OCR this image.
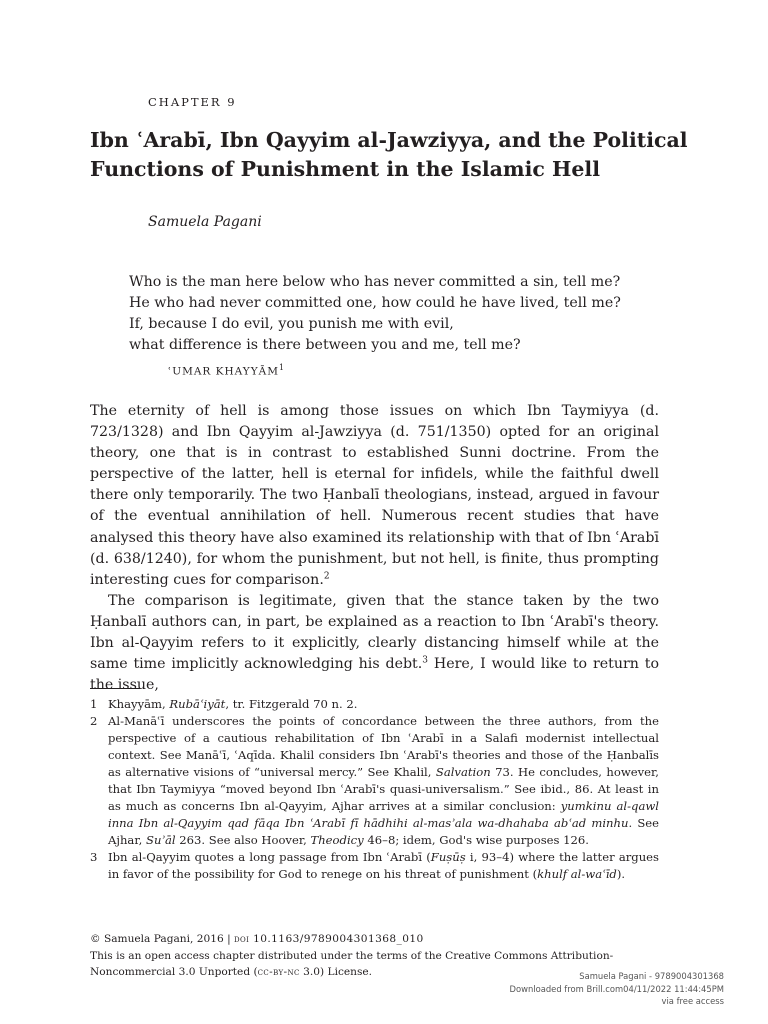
CHAPTER 9
Ibn ʿArabī, Ibn Qayyim al-Jawziyya, and the Political Functions of Punishment in the Islamic Hell
Samuela Pagani
Who is the man here below who has never committed a sin, tell me?
He who had never committed one, how could he have lived, tell me?
If, because I do evil, you punish me with evil,
what difference is there between you and me, tell me?
ʿUMAR KHAYYĀM$^1$

The eternity of hell is among those issues on which Ibn Taymiyya (d. 723/1328) and Ibn Qayyim al-Jawziyya (d. 751/1350) opted for an original theory, one that is in contrast to established Sunni doctrine. From the perspective of the latter, hell is eternal for infidels, while the faithful dwell there only temporarily. The two Ḥanbalī theologians, instead, argued in favour of the eventual annihilation of hell. Numerous recent studies that have analysed this theory have also examined its relationship with that of Ibn ʿArabī (d. 638/1240), for whom the punishment, but not hell, is finite, thus prompting interesting cues for comparison.$^2$

The comparison is legitimate, given that the stance taken by the two Ḥanbalī authors can, in part, be explained as a reaction to Ibn ʿArabī's theory. Ibn al-Qayyim refers to it explicitly, clearly distancing himself while at the same time implicitly acknowledging his debt.$^3$ Here, I would like to return to the issue,

1 Khayyām, Rubāʿiyāt, tr. Fitzgerald 70 n. 2.

2 Al-Manāʿī underscores the points of concordance between the three authors, from the perspective of a cautious rehabilitation of Ibn ʿArabī in a Salafi modernist intellectual context. See Manāʿī, ʿAqīda. Khalil considers Ibn ʿArabī's theories and those of the Ḥanbalīs as alternative visions of “universal mercy.” See Khalil, Salvation 73. He concludes, however, that Ibn Taymiyya “moved beyond Ibn ʿArabī's quasi-universalism.” See ibid., 86. At least in as much as concerns Ibn al-Qayyim, Ajhar arrives at a similar conclusion: yumkinu al-qawl inna Ibn al-Qayyim qad fāqa Ibn ʿArabī fī hādhihi al-masʾala wa-dhahaba abʿad minhu. See Ajhar, Suʾāl 263. See also Hoover, Theodicy 46–8; idem, God's wise purposes 126.

3 Ibn al-Qayyim quotes a long passage from Ibn ʿArabī (Fuṣūṣ i, 93–4) where the latter argues in favor of the possibility for God to renege on his threat of punishment (khulf al-waʿīd).

© Samuela Pagani, 2016 | doi 10.1163/9789004301368_010
This is an open access chapter distributed under the terms of the Creative Commons Attribution-
Noncommercial 3.0 Unported (cc-by-nc 3.0) License.	Samuela Pagani - 9789004301368
Downloaded from Brill.com04/11/2022 11:44:45PM
via free access
